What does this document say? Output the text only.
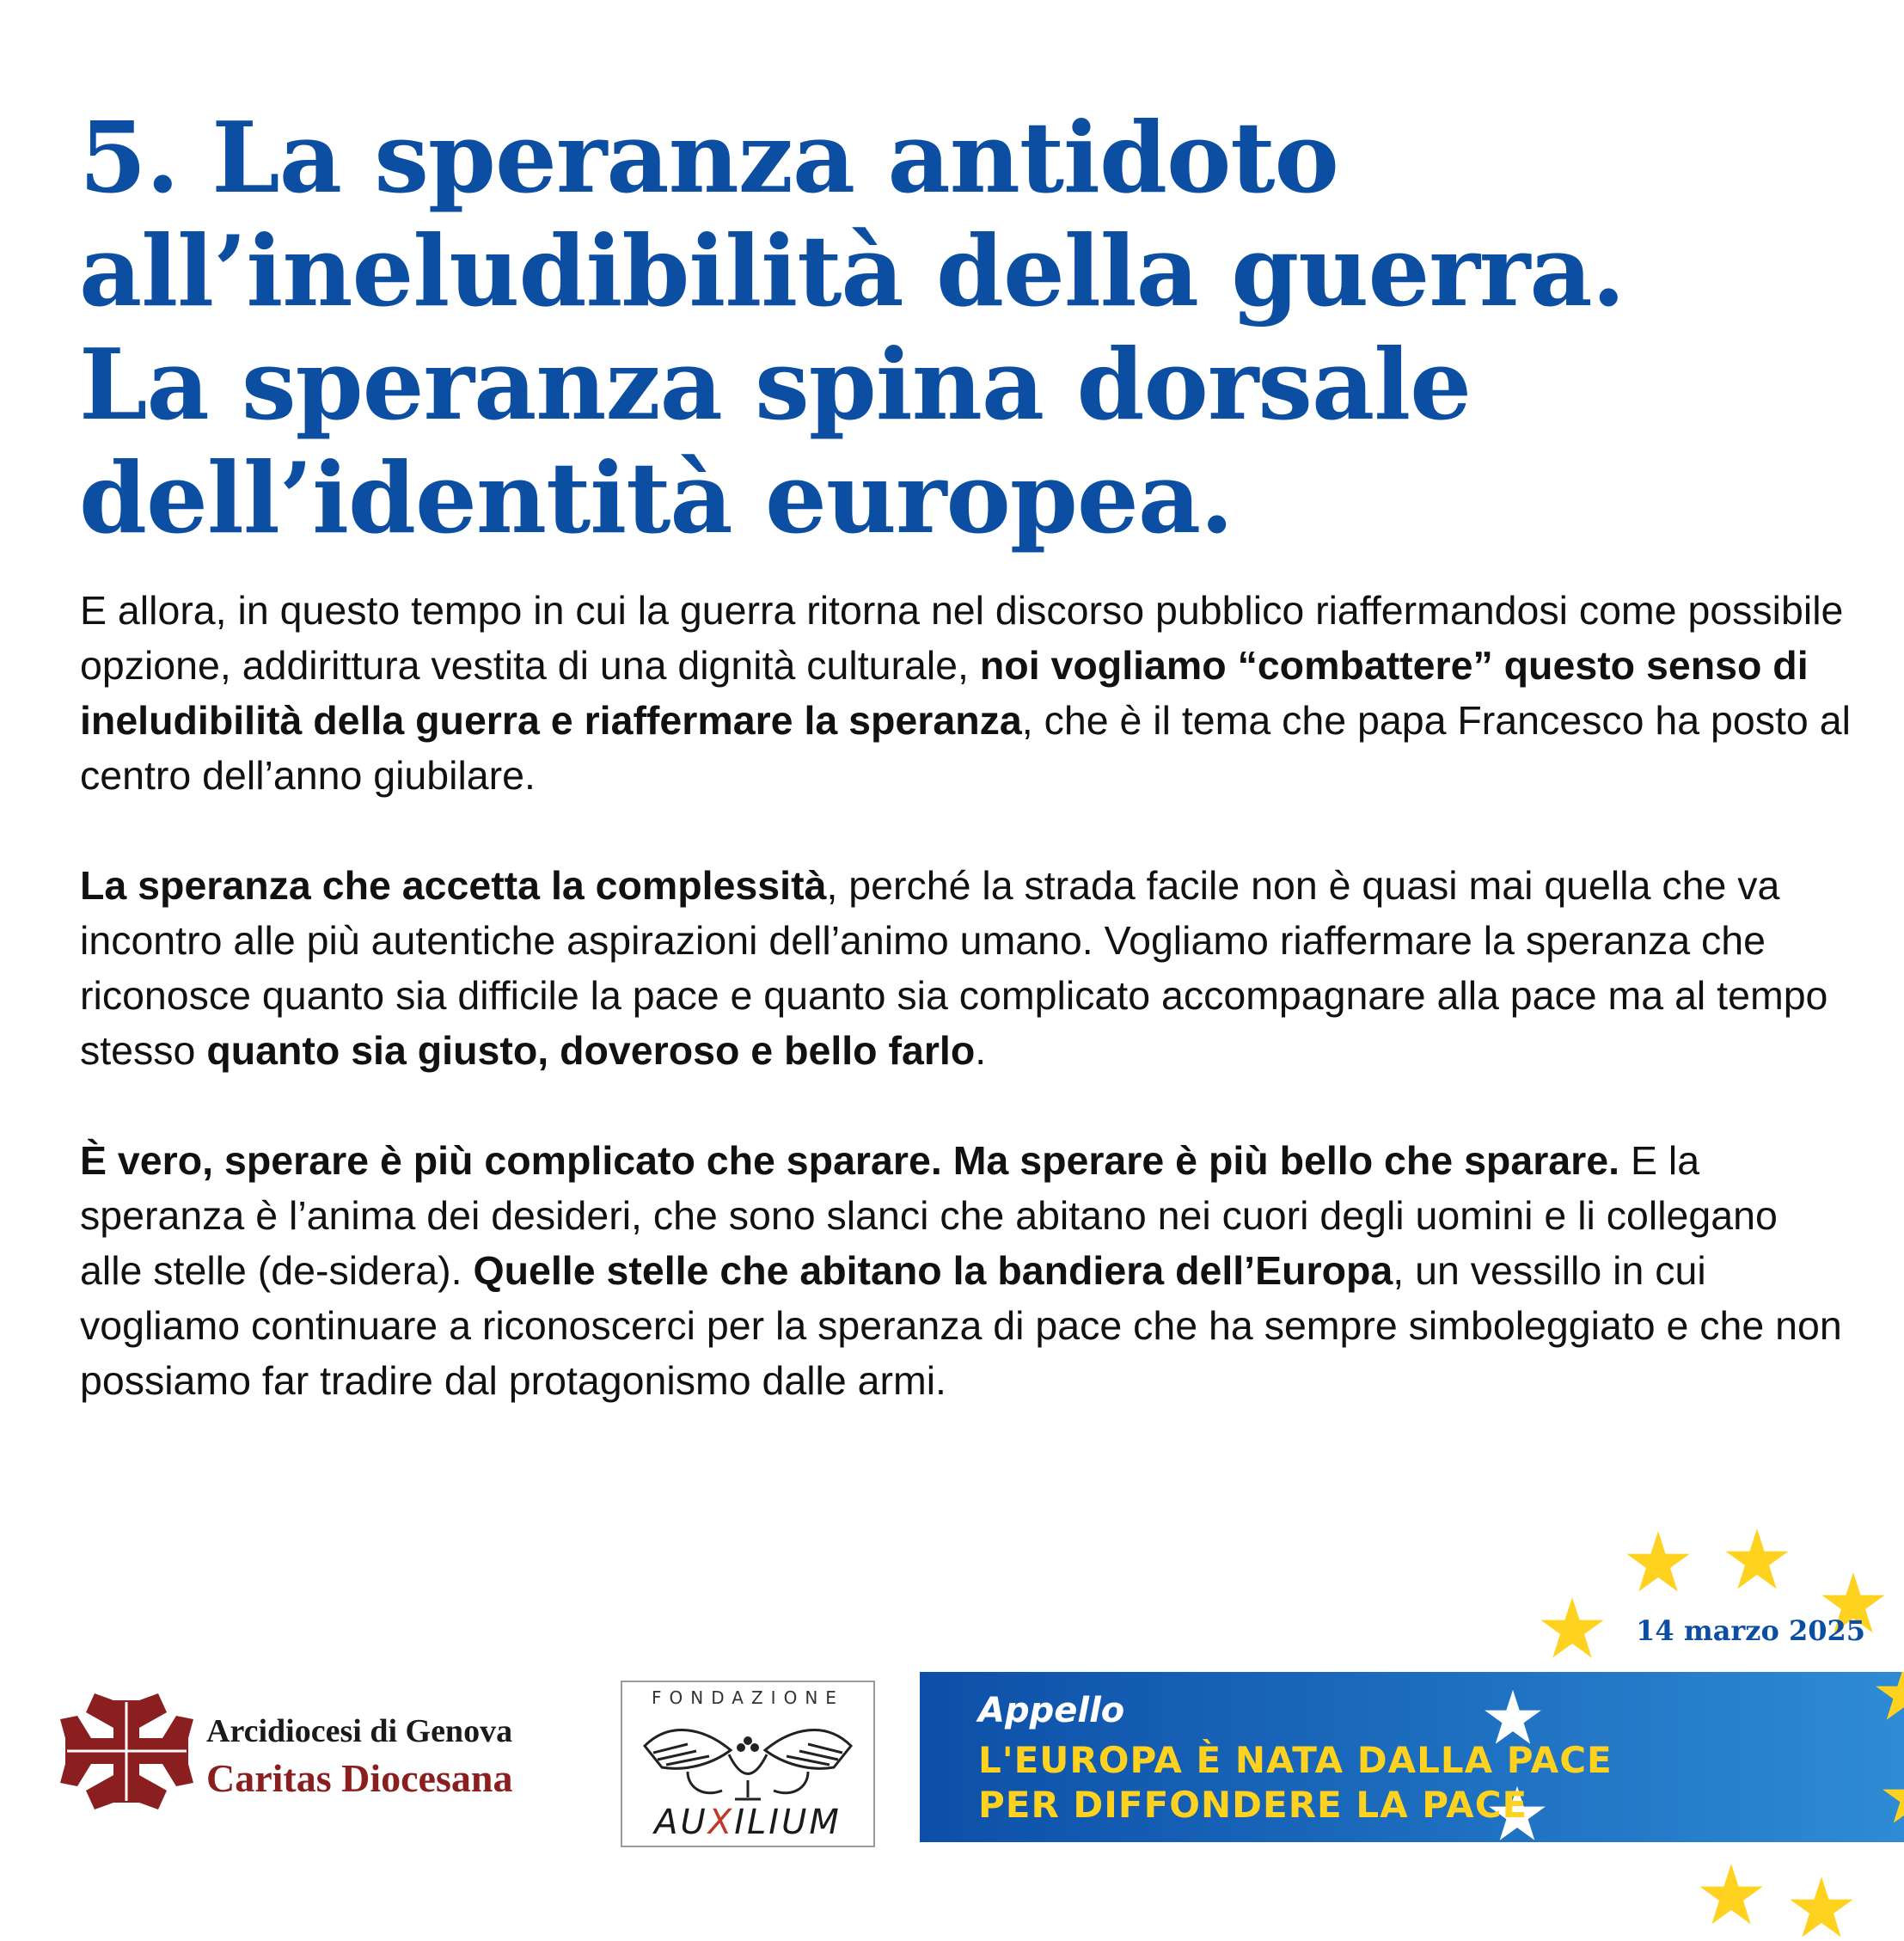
5. La speranza antidoto
all’ineludibilità della guerra.
La speranza spina dorsale
dell’identità europea.

E allora, in questo tempo in cui la guerra ritorna nel discorso pubblico riaffermandosi come possibile opzione, addirittura vestita di una dignità culturale, noi vogliamo “combattere” questo senso di ineludibilità della guerra e riaffermare la speranza, che è il tema che papa Francesco ha posto al centro dell’anno giubilare.

La speranza che accetta la complessità, perché la strada facile non è quasi mai quella che va incontro alle più autentiche aspirazioni dell’animo umano. Vogliamo riaffermare la speranza che riconosce quanto sia difficile la pace e quanto sia complicato accompagnare alla pace ma al tempo stesso quanto sia giusto, doveroso e bello farlo.

È vero, sperare è più complicato che sparare. Ma sperare è più bello che sparare. E la speranza è l’anima dei desideri, che sono slanci che abitano nei cuori degli uomini e li collegano alle stelle (de-sidera). Quelle stelle che abitano la bandiera dell’Europa, un vessillo in cui vogliamo continuare a riconoscerci per la speranza di pace che ha sempre simboleggiato e che non possiamo far tradire dal protagonismo dalle armi.

14 marzo 2025
Arcidiocesi di Genova
Caritas Diocesana
FONDAZIONE
AUXILIUM
Appello
L'EUROPA È NATA DALLA PACE
PER DIFFONDERE LA PACE
